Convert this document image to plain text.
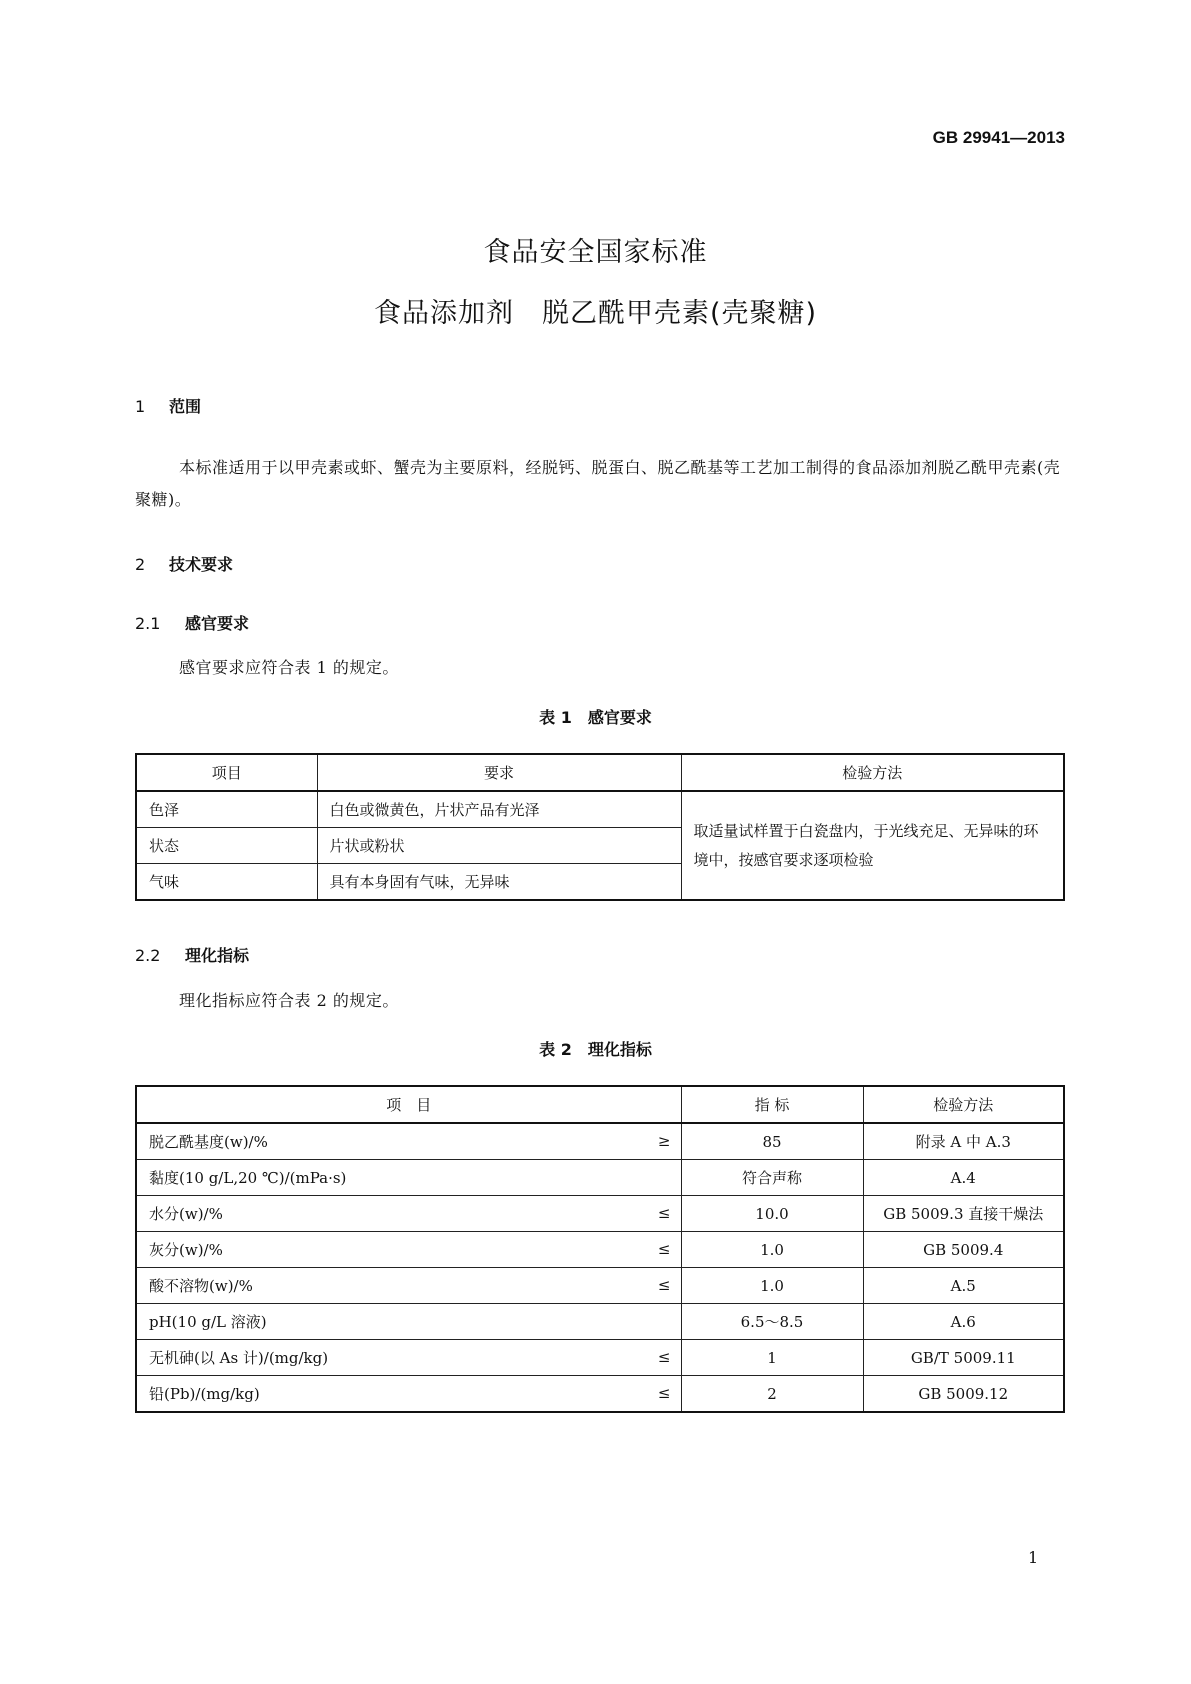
GB 29941—2013
食品安全国家标准
食品添加剂　脱乙酰甲壳素(壳聚糖)
1 范围
本标准适用于以甲壳素或虾、蟹壳为主要原料，经脱钙、脱蛋白、脱乙酰基等工艺加工制得的食品添加剂脱乙酰甲壳素(壳聚糖)。
2 技术要求
2.1 感官要求
感官要求应符合表 1 的规定。
表 1　感官要求
项目	要求	检验方法
色泽	白色或微黄色，片状产品有光泽	取适量试样置于白瓷盘内，于光线充足、无异味的环境中，按感官要求逐项检验
状态	片状或粉状	
气味	具有本身固有气味，无异味	
2.2 理化指标
理化指标应符合表 2 的规定。
表 2　理化指标
项　目	指 标	检验方法
脱乙酰基度(w)/% ≥	85	附录 A 中 A.3
黏度(10 g/L,20 ℃)/(mPa·s)	符合声称	A.4
水分(w)/% ≤	10.0	GB 5009.3 直接干燥法
灰分(w)/% ≤	1.0	GB 5009.4
酸不溶物(w)/% ≤	1.0	A.5
pH(10 g/L 溶液)	6.5～8.5	A.6
无机砷(以 As 计)/(mg/kg) ≤	1	GB/T 5009.11
铅(Pb)/(mg/kg) ≤	2	GB 5009.12
1
